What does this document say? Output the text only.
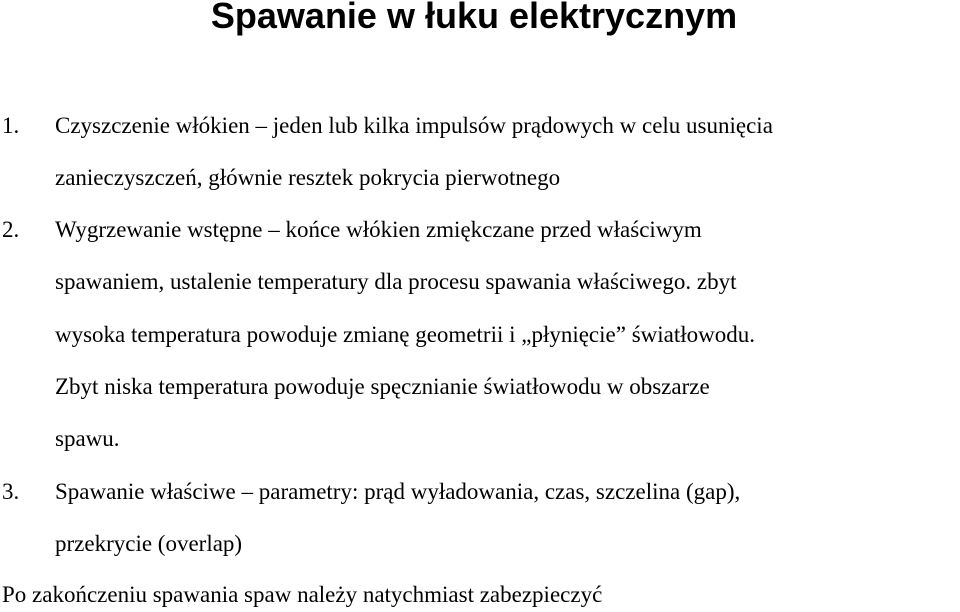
Spawanie w łuku elektrycznym
1. Czyszczenie włókien – jeden lub kilka impulsów prądowych w celu usunięcia

zanieczyszczeń, głównie resztek pokrycia pierwotnego

2. Wygrzewanie wstępne – końce włókien zmiękczane przed właściwym

spawaniem, ustalenie temperatury dla procesu spawania właściwego. zbyt

wysoka temperatura powoduje zmianę geometrii i „płynięcie” światłowodu.

Zbyt niska temperatura powoduje spęcznianie światłowodu w obszarze

spawu.

3. Spawanie właściwe – parametry: prąd wyładowania, czas, szczelina (gap),

przekrycie (overlap)

Po zakończeniu spawania spaw należy natychmiast zabezpieczyć
